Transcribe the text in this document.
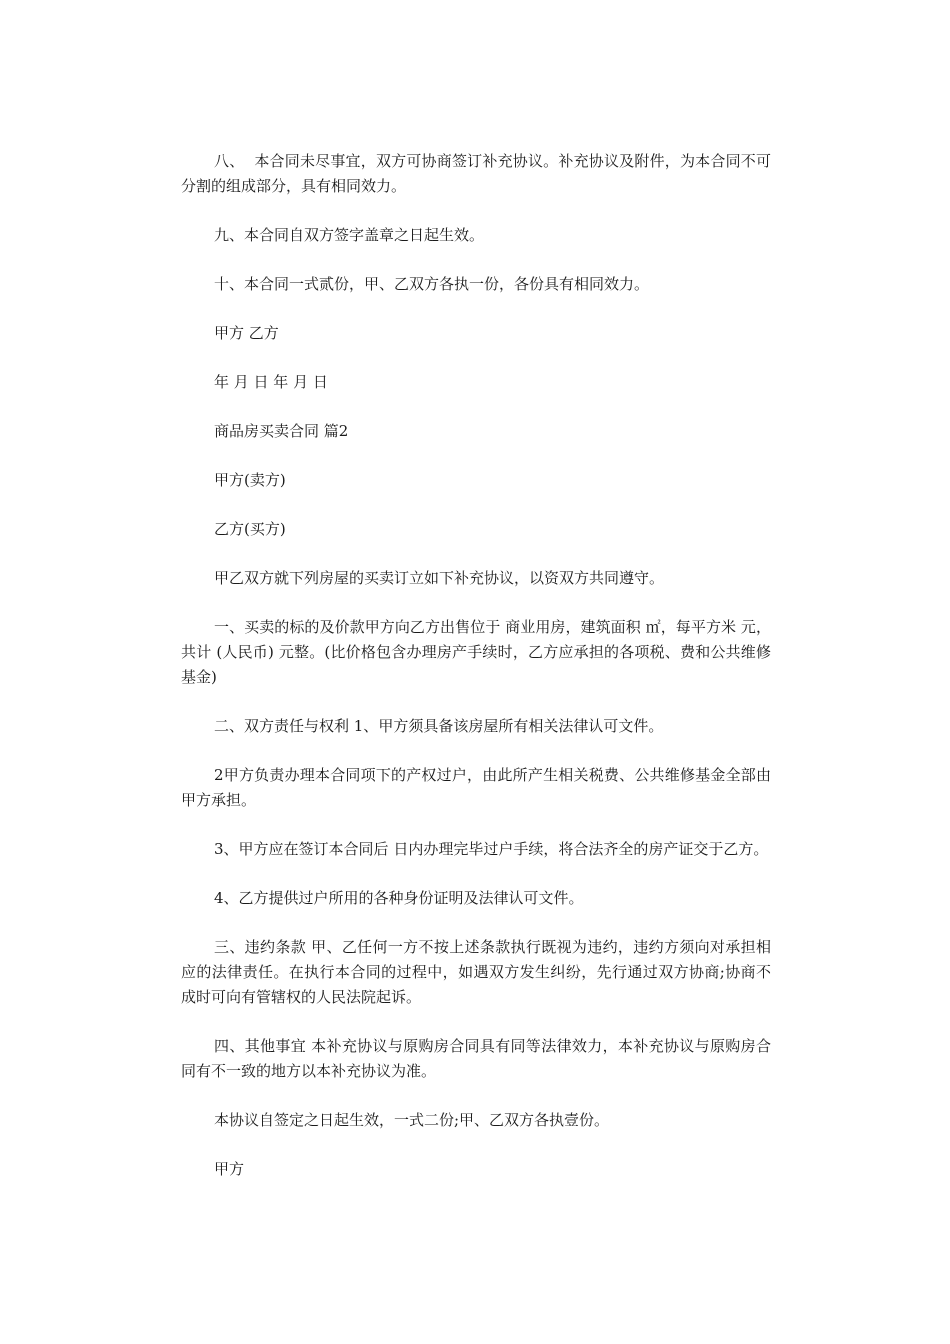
八、  本合同未尽事宜，双方可协商签订补充协议。补充协议及附件，为本合同不可分割的组成部分，具有相同效力。

九、本合同自双方签字盖章之日起生效。

十、本合同一式贰份，甲、乙双方各执一份，各份具有相同效力。

甲方 乙方

年 月 日 年 月 日

商品房买卖合同 篇2

甲方(卖方)

乙方(买方)

甲乙双方就下列房屋的买卖订立如下补充协议，以资双方共同遵守。

一、买卖的标的及价款甲方向乙方出售位于 商业用房，建筑面积 ㎡，每平方米 元，共计 (人民币) 元整。(比价格包含办理房产手续时，乙方应承担的各项税、费和公共维修基金)

二、双方责任与权利 1、甲方须具备该房屋所有相关法律认可文件。

2甲方负责办理本合同项下的产权过户，由此所产生相关税费、公共维修基金全部由甲方承担。

3、甲方应在签订本合同后 日内办理完毕过户手续，将合法齐全的房产证交于乙方。

4、乙方提供过户所用的各种身份证明及法律认可文件。

三、违约条款 甲、乙任何一方不按上述条款执行既视为违约，违约方须向对承担相应的法律责任。在执行本合同的过程中，如遇双方发生纠纷，先行通过双方协商;协商不成时可向有管辖权的人民法院起诉。

四、其他事宜 本补充协议与原购房合同具有同等法律效力，本补充协议与原购房合同有不一致的地方以本补充协议为准。

本协议自签定之日起生效，一式二份;甲、乙双方各执壹份。

甲方
